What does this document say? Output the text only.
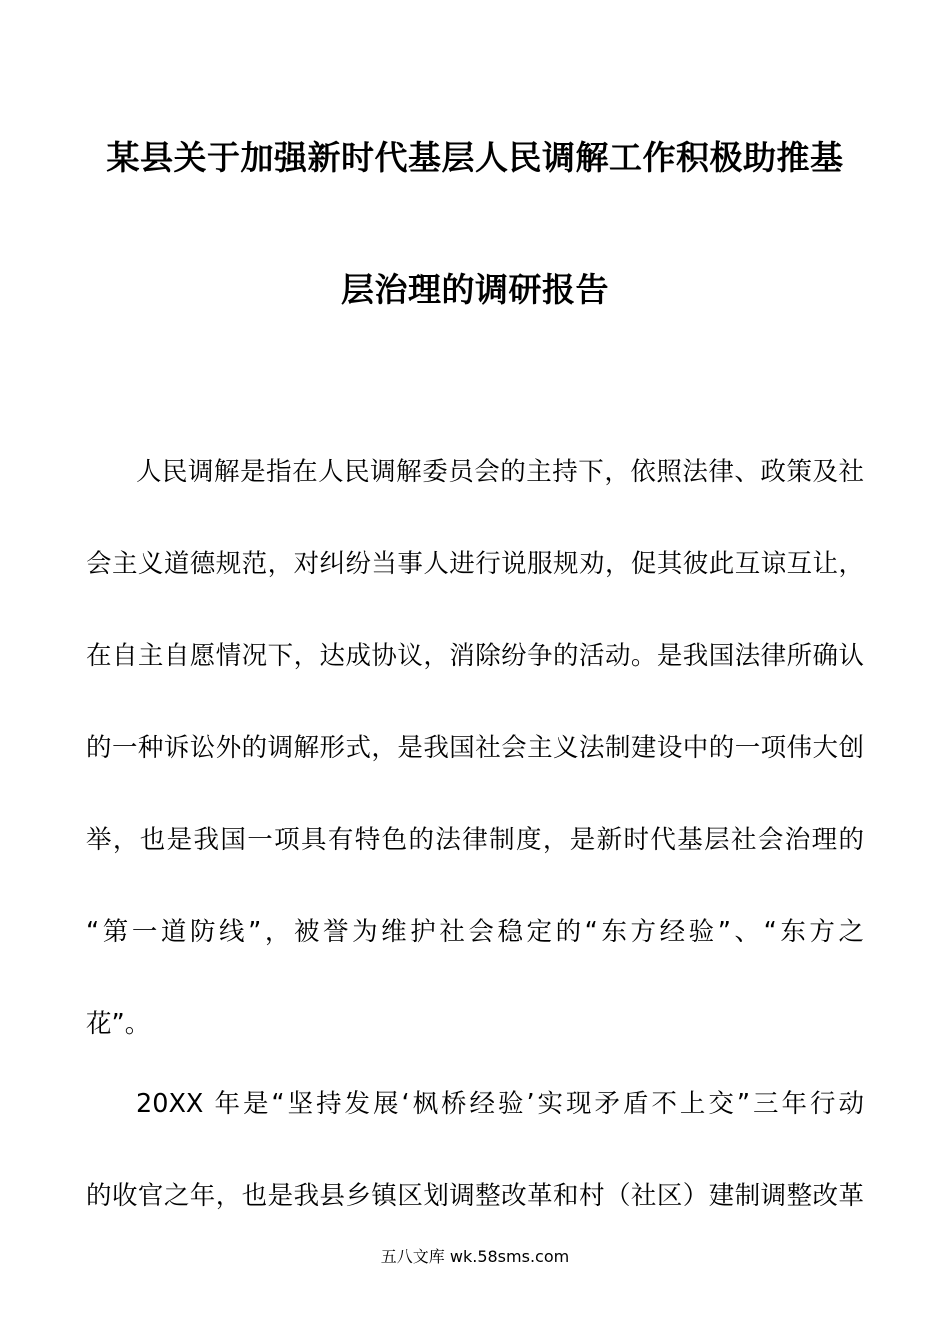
某县关于加强新时代基层人民调解工作积极助推基
层治理的调研报告
人民调解是指在人民调解委员会的主持下，依照法律、政策及社
会主义道德规范，对纠纷当事人进行说服规劝，促其彼此互谅互让，
在自主自愿情况下，达成协议，消除纷争的活动。是我国法律所确认
的一种诉讼外的调解形式，是我国社会主义法制建设中的一项伟大创
举，也是我国一项具有特色的法律制度，是新时代基层社会治理的
“第一道防线”，被誉为维护社会稳定的“东方经验”、“东方之
花”。
20XX 年是“坚持发展‘枫桥经验’实现矛盾不上交”三年行动
的收官之年，也是我县乡镇区划调整改革和村（社区）建制调整改革
五八文库 wk.58sms.com
